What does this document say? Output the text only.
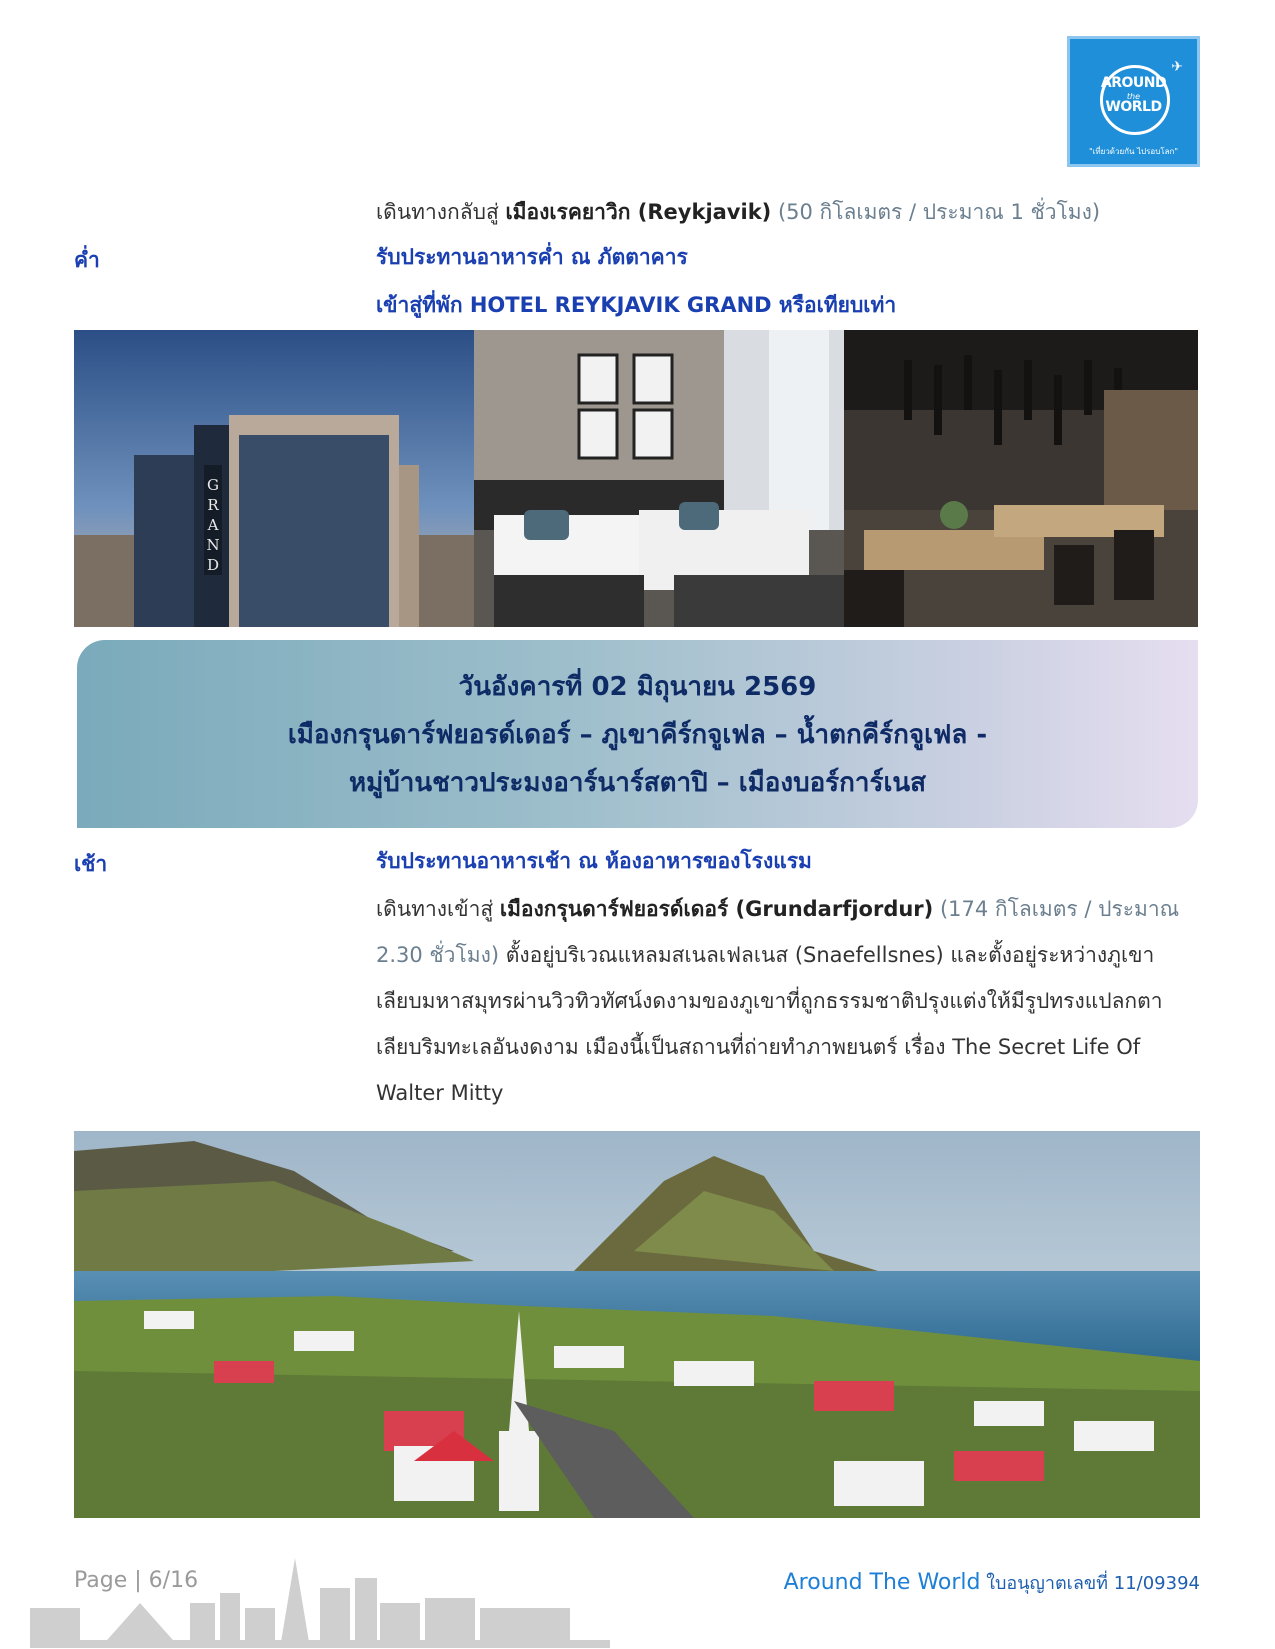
✈
AROUND
the
WORLD
"เที่ยวด้วยกัน ไปรอบโลก"
เดินทางกลับสู่ เมืองเรคยาวิก (Reykjavik) (50 กิโลเมตร / ประมาณ 1 ชั่วโมง)
ค่ำ	รับประทานอาหารค่ำ ณ ภัตตาคาร
เข้าสู่ที่พัก HOTEL REYKJAVIK GRAND หรือเทียบเท่า
G
R
A
N
D
วันอังคารที่ 02 มิถุนายน 2569
เมืองกรุนดาร์ฟยอรด์เดอร์ – ภูเขาคีร์กจูเฟล – น้ำตกคีร์กจูเฟล -
หมู่บ้านชาวประมงอาร์นาร์สตาปิ – เมืองบอร์การ์เนส
เช้า	รับประทานอาหารเช้า ณ ห้องอาหารของโรงแรม
เดินทางเข้าสู่ เมืองกรุนดาร์ฟยอรด์เดอร์ (Grundarfjordur) (174 กิโลเมตร / ประมาณ
2.30 ชั่วโมง) ตั้งอยู่บริเวณแหลมสเนลเฟลเนส (Snaefellsnes) และตั้งอยู่ระหว่างภูเขา
เลียบมหาสมุทรผ่านวิวทิวทัศน์งดงามของภูเขาที่ถูกธรรมชาติปรุงแต่งให้มีรูปทรงแปลกตา
เลียบริมทะเลอันงดงาม เมืองนี้เป็นสถานที่ถ่ายทำภาพยนตร์ เรื่อง The Secret Life Of
Walter Mitty
Page | 6/16	Around The World ใบอนุญาตเลขที่ 11/09394
